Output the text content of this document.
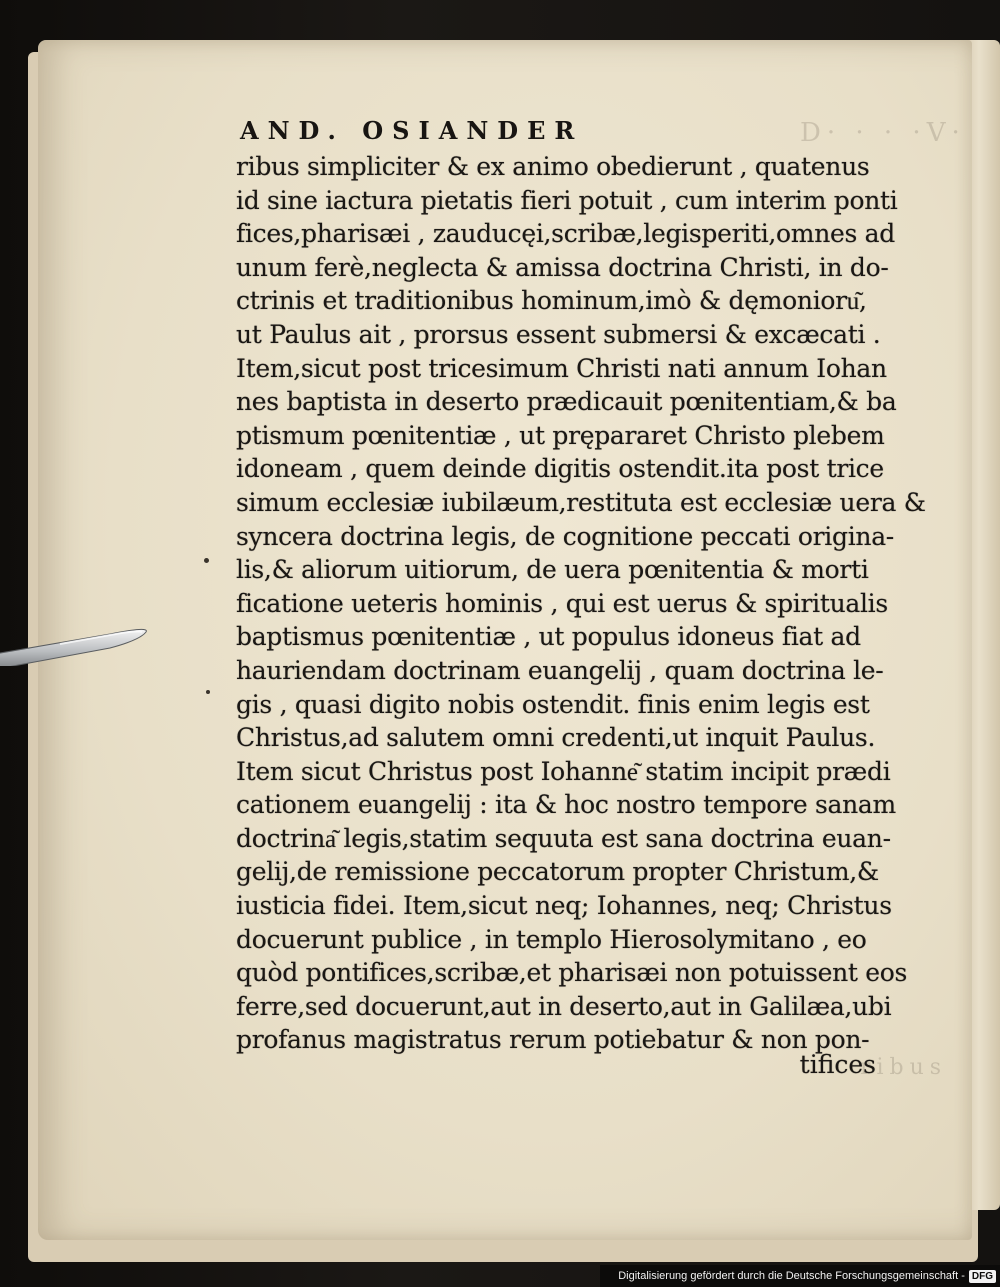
D· · · ·V·
ribus
AND. OSIANDER
ribus simpliciter & ex animo obedierunt , quatenus
id sine iactura pietatis fieri potuit , cum interim ponti
fices,pharisæi , zauducęi,scribæ,legisperiti,omnes ad
unum ferè,neglecta & amissa doctrina Christi, in do-
ctrinis et traditionibus hominum,imò & dęmonioru͂,
ut Paulus ait , prorsus essent submersi & excæcati .
Item,sicut post tricesimum Christi nati annum Iohan
nes baptista in deserto prædicauit pœnitentiam,& ba
ptismum pœnitentiæ , ut prępararet Christo plebem
idoneam , quem deinde digitis ostendit.ita post trice
simum ecclesiæ iubilæum,restituta est ecclesiæ uera &
syncera doctrina legis, de cognitione peccati origina-
lis,& aliorum uitiorum, de uera pœnitentia & morti
ficatione ueteris hominis , qui est uerus & spiritualis
baptismus pœnitentiæ , ut populus idoneus fiat ad
hauriendam doctrinam euangelij , quam doctrina le-
gis , quasi digito nobis ostendit. finis enim legis est
Christus,ad salutem omni credenti,ut inquit Paulus.
Item sicut Christus post Iohanne͂ statim incipit prædi
cationem euangelij : ita & hoc nostro tempore sanam
doctrina͂ legis,statim sequuta est sana doctrina euan-
gelij,de remissione peccatorum propter Christum,&
iusticia fidei. Item,sicut neq; Iohannes, neq; Christus
docuerunt publice , in templo Hierosolymitano , eo
quòd pontifices,scribæ,et pharisæi non potuissent eos
ferre,sed docuerunt,aut in deserto,aut in Galilæa,ubi
profanus magistratus rerum potiebatur & non pon-
tifices
Digitalisierung gefördert durch die Deutsche Forschungsgemeinschaft - DFG
